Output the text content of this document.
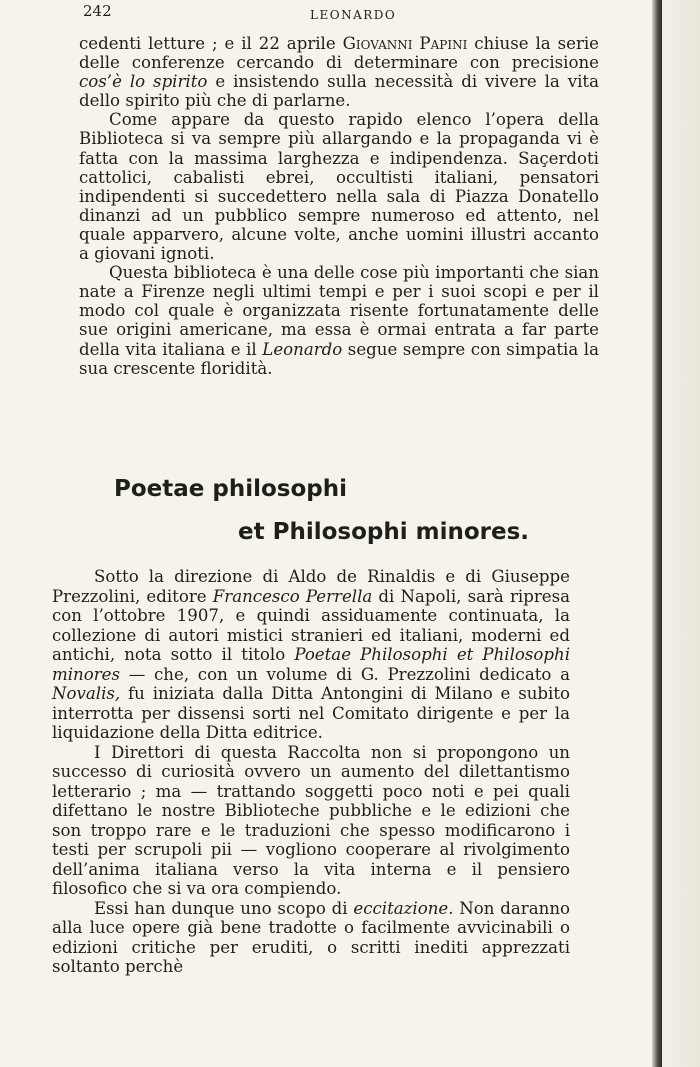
242	LEONARDO

cedenti letture ; e il 22 aprile Giovanni Papini chiuse la serie delle conferenze cercando di determinare con precisione cos’è lo spirito e insistendo sulla necessità di vivere la vita dello spirito più che di parlarne.

Come appare da questo rapido elenco l’opera della Biblioteca si va sempre più allargando e la propaganda vi è fatta con la massima larghezza e indipendenza. Saçerdoti cattolici, cabalisti ebrei, occultisti italiani, pensatori indipendenti si succedettero nella sala di Piazza Donatello dinanzi ad un pubblico sempre numeroso ed attento, nel quale apparvero, alcune volte, anche uomini illustri accanto a giovani ignoti.

Questa biblioteca è una delle cose più importanti che sian nate a Firenze negli ultimi tempi e per i suoi scopi e per il modo col quale è organizzata risente fortunatamente delle sue origini americane, ma essa è ormai entrata a far parte della vita italiana e il Leonardo segue sempre con simpatia la sua crescente floridità.

Poetae philosophi
et Philosophi minores.

Sotto la direzione di Aldo de Rinaldis e di Giuseppe Prezzolini, editore Francesco Perrella di Napoli, sarà ripresa con l’ottobre 1907, e quindi assiduamente continuata, la collezione di autori mistici stranieri ed italiani, moderni ed antichi, nota sotto il titolo Poetae Philosophi et Philosophi minores — che, con un volume di G. Prezzolini dedicato a Novalis, fu iniziata dalla Ditta Antongini di Milano e subito interrotta per dissensi sorti nel Comitato dirigente e per la liquidazione della Ditta editrice.

I Direttori di questa Raccolta non si propongono un successo di curiosità ovvero un aumento del dilettantismo letterario ; ma — trattando soggetti poco noti e pei quali difettano le nostre Biblioteche pubbliche e le edizioni che son troppo rare e le traduzioni che spesso modificarono i testi per scrupoli pii — vogliono cooperare al rivolgimento dell’anima italiana verso la vita interna e il pensiero filosofico che si va ora compiendo.

Essi han dunque uno scopo di eccitazione. Non daranno alla luce opere già bene tradotte o facilmente avvicinabili o edizioni critiche per eruditi, o scritti inediti apprezzati soltanto perchè
